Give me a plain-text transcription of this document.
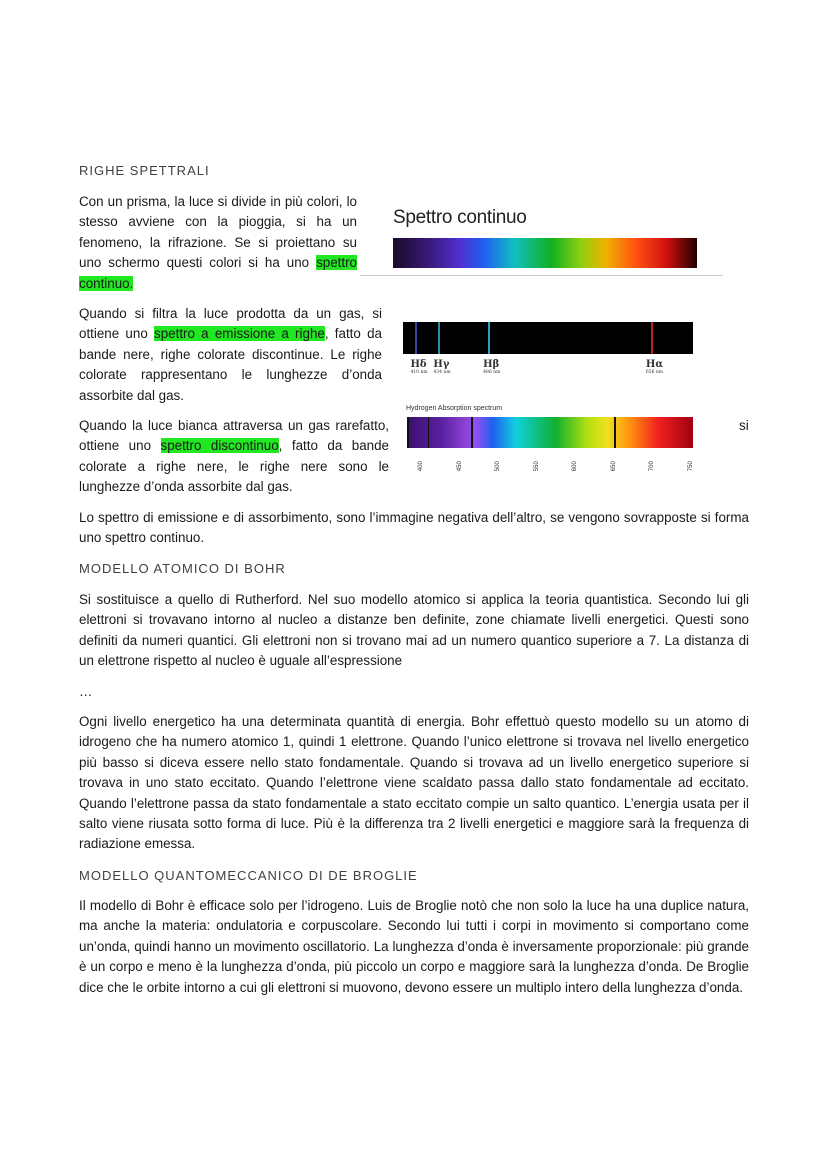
RIGHE SPETTRALI

Con un prisma, la luce si divide in più colori, lo stesso avviene con la pioggia, si ha un fenomeno, la rifrazione. Se si proiettano su uno schermo questi colori si ha uno spettro continuo.

Spettro continuo

Quando si filtra la luce prodotta da un gas, si ottiene uno spettro a emissione a righe, fatto da bande nere, righe colorate discontinue. Le righe colorate rappresentano le lunghezze d’onda assorbite dal gas.

Hδ
410 nm
Hγ
434 nm
Hβ
486 nm
Hα
656 nm

Quando la luce bianca attraversa un gas rarefatto, ottiene uno spettro discontinuo, fatto da bande colorate a righe nere, le righe nere sono le lunghezze d’onda assorbite dal gas.

si
Hydrogen Absorption spectrum
400	450	500	550	600	650	700	750

Lo spettro di emissione e di assorbimento, sono l’immagine negativa dell’altro, se vengono sovrapposte si forma uno spettro continuo.

MODELLO ATOMICO DI BOHR

Si sostituisce a quello di Rutherford. Nel suo modello atomico si applica la teoria quantistica. Secondo lui gli elettroni si trovavano intorno al nucleo a distanze ben definite, zone chiamate livelli energetici. Questi sono definiti da numeri quantici. Gli elettroni non si trovano mai ad un numero quantico superiore a 7. La distanza di un elettrone rispetto al nucleo è uguale all’espressione

…

Ogni livello energetico ha una determinata quantità di energia. Bohr effettuò questo modello su un atomo di idrogeno che ha numero atomico 1, quindi 1 elettrone. Quando l’unico elettrone si trovava nel livello energetico più basso si diceva essere nello stato fondamentale. Quando si trovava ad un livello energetico superiore si trovava in uno stato eccitato. Quando l’elettrone viene scaldato passa dallo stato fondamentale ad eccitato. Quando l’elettrone passa da stato fondamentale a stato eccitato compie un salto quantico. L’energia usata per il salto viene riusata sotto forma di luce. Più è la differenza tra 2 livelli energetici e maggiore sarà la frequenza di radiazione emessa.

MODELLO QUANTOMECCANICO DI DE BROGLIE

Il modello di Bohr è efficace solo per l’idrogeno. Luis de Broglie notò che non solo la luce ha una duplice natura, ma anche la materia: ondulatoria e corpuscolare. Secondo lui tutti i corpi in movimento si comportano come un’onda, quindi hanno un movimento oscillatorio. La lunghezza d’onda è inversamente proporzionale: più grande è un corpo e meno è la lunghezza d’onda, più piccolo un corpo e maggiore sarà la lunghezza d’onda. De Broglie dice che le orbite intorno a cui gli elettroni si muovono, devono essere un multiplo intero della lunghezza d’onda.
